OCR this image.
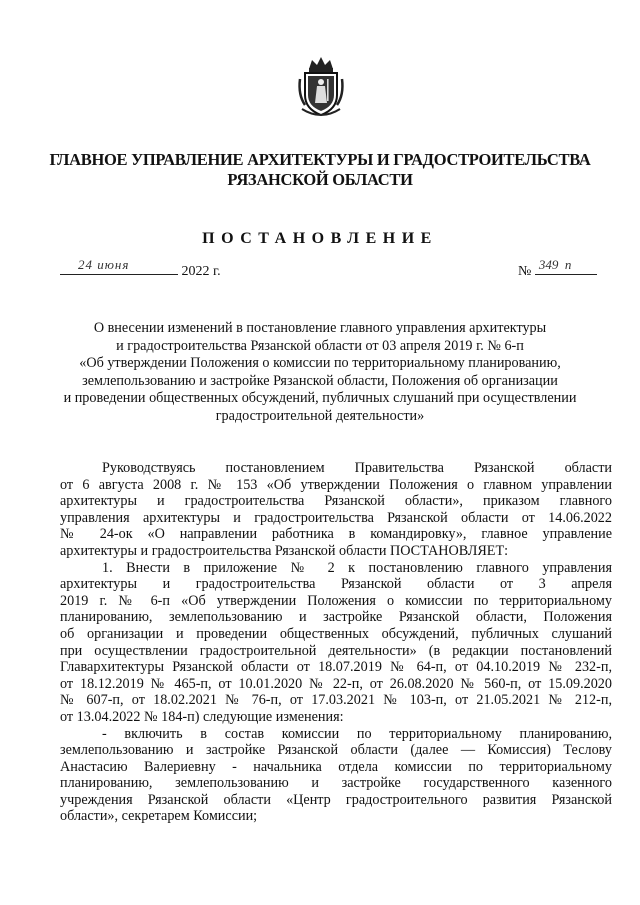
ГЛАВНОЕ УПРАВЛЕНИЕ АРХИТЕКТУРЫ И ГРАДОСТРОИТЕЛЬСТВА
РЯЗАНСКОЙ ОБЛАСТИ
ПОСТАНОВЛЕНИЕ
24 июня	2022 г.	№ 349 п
О внесении изменений в постановление главного управления архитектуры
и градостроительства Рязанской области от 03 апреля 2019 г. № 6-п
«Об утверждении Положения о комиссии по территориальному планированию,
землепользованию и застройке Рязанской области, Положения об организации
и проведении общественных обсуждений, публичных слушаний при осуществлении
градостроительной деятельности»

Руководствуясь постановлением Правительства Рязанской области

от 6 августа 2008 г. № 153 «Об утверждении Положения о главном управлении

архитектуры и градостроительства Рязанской области», приказом главного

управления архитектуры и градостроительства Рязанской области от 14.06.2022

№ 24-ок «О направлении работника в командировку», главное управление

архитектуры и градостроительства Рязанской области ПОСТАНОВЛЯЕТ:

1. Внести в приложение № 2 к постановлению главного управления

архитектуры и градостроительства Рязанской области от 3 апреля

2019 г. № 6-п «Об утверждении Положения о комиссии по территориальному

планированию, землепользованию и застройке Рязанской области, Положения

об организации и проведении общественных обсуждений, публичных слушаний

при осуществлении градостроительной деятельности» (в редакции постановлений

Главархитектуры Рязанской области от 18.07.2019 № 64-п, от 04.10.2019 № 232-п,

от 18.12.2019 № 465-п, от 10.01.2020 № 22-п, от 26.08.2020 № 560-п, от 15.09.2020

№ 607-п, от 18.02.2021 № 76-п, от 17.03.2021 № 103-п, от 21.05.2021 № 212-п,

от 13.04.2022 № 184-п) следующие изменения:

- включить в состав комиссии по территориальному планированию,

землепользованию и застройке Рязанской области (далее — Комиссия) Теслову

Анастасию Валериевну - начальника отдела комиссии по территориальному

планированию, землепользованию и застройке государственного казенного

учреждения Рязанской области «Центр градостроительного развития Рязанской

области», секретарем Комиссии;
